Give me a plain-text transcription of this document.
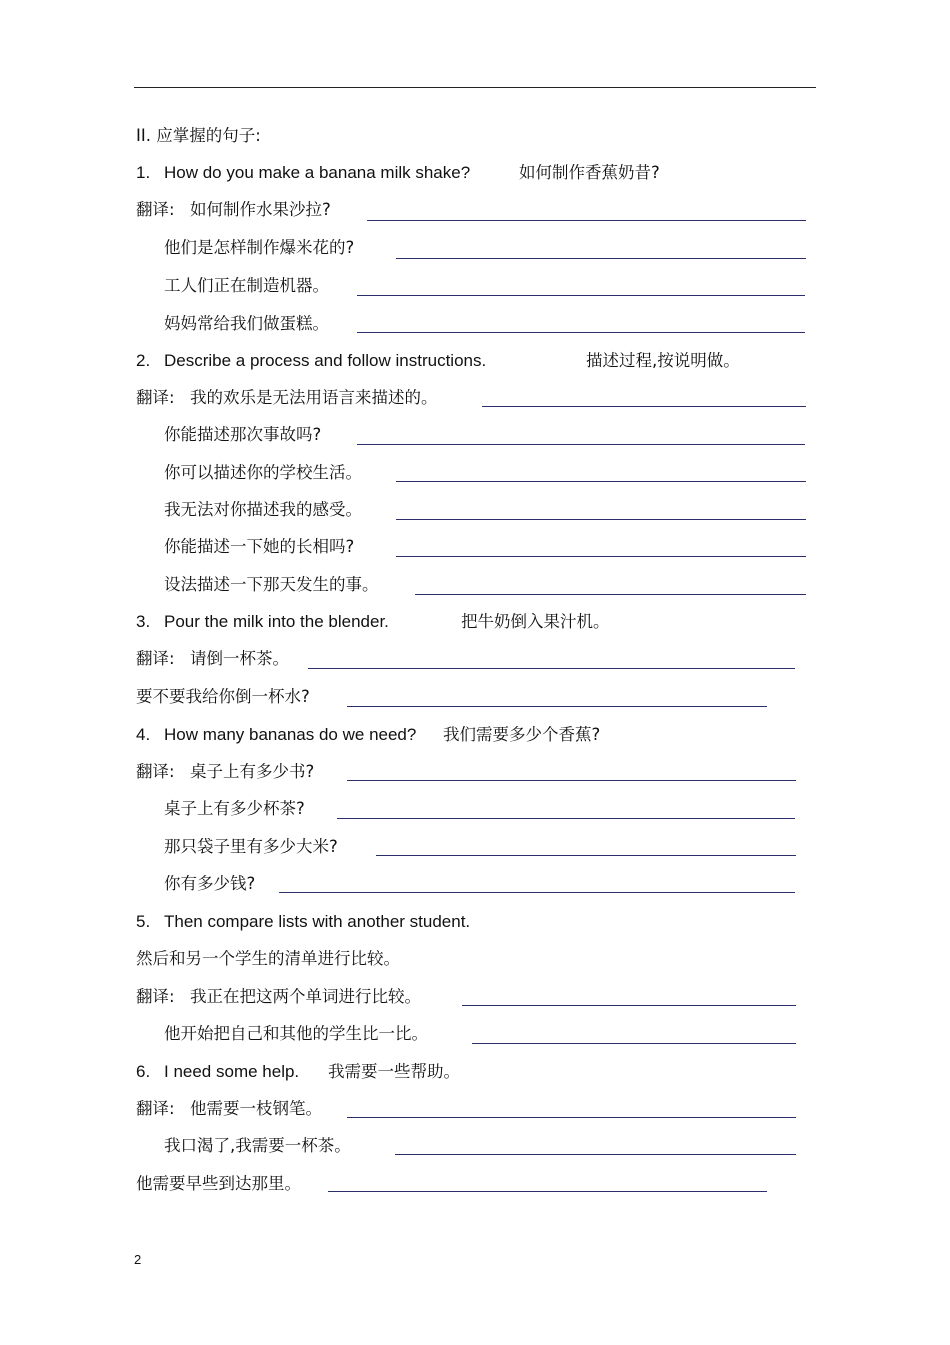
II. 应掌握的句子:
1. How do you make a banana milk shake?	如何制作香蕉奶昔?
翻译: 如何制作水果沙拉?
他们是怎样制作爆米花的?
工人们正在制造机器。
妈妈常给我们做蛋糕。
2. Describe a process and follow instructions.	描述过程,按说明做。
翻译: 我的欢乐是无法用语言来描述的。
你能描述那次事故吗?
你可以描述你的学校生活。
我无法对你描述我的感受。
你能描述一下她的长相吗?
设法描述一下那天发生的事。
3. Pour the milk into the blender.	把牛奶倒入果汁机。
翻译: 请倒一杯茶。
要不要我给你倒一杯水?
4. How many bananas do we need? 我们需要多少个香蕉?
翻译: 桌子上有多少书?
桌子上有多少杯茶?
那只袋子里有多少大米?
你有多少钱?
5. Then compare lists with another student.
然后和另一个学生的清单进行比较。
翻译: 我正在把这两个单词进行比较。
他开始把自己和其他的学生比一比。
6. I need some help. 我需要一些帮助。
翻译: 他需要一枝钢笔。
我口渴了,我需要一杯茶。
他需要早些到达那里。
2
